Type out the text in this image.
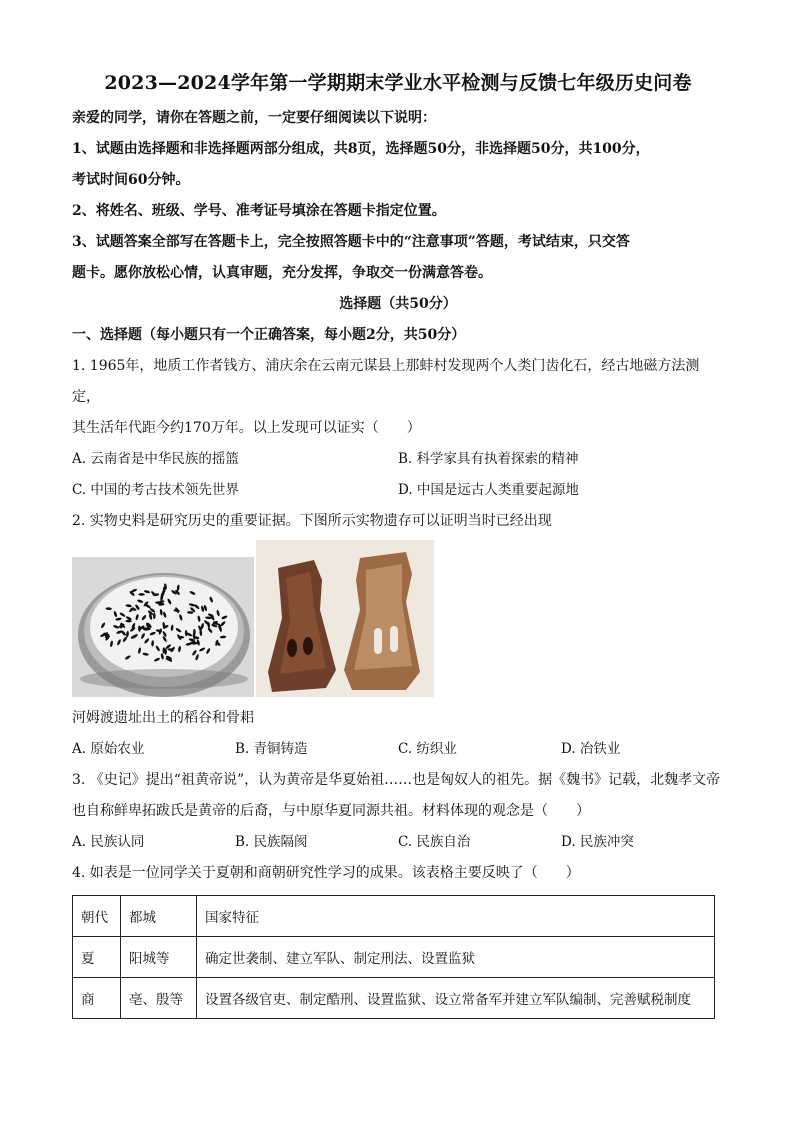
2023—2024学年第一学期期末学业水平检测与反馈七年级历史问卷

亲爱的同学，请你在答题之前，一定要仔细阅读以下说明：

1、试题由选择题和非选择题两部分组成，共8页，选择题50分，非选择题50分，共100分，

考试时间60分钟。

2、将姓名、班级、学号、准考证号填涂在答题卡指定位置。

3、试题答案全部写在答题卡上，完全按照答题卡中的“注意事项”答题，考试结束，只交答

题卡。愿你放松心情，认真审题，充分发挥，争取交一份满意答卷。

选择题（共50分）

一、选择题（每小题只有一个正确答案，每小题2分，共50分）

1. 1965年，地质工作者钱方、浦庆余在云南元谋县上那蚌村发现两个人类门齿化石，经古地磁方法测定，

其生活年代距今约170万年。以上发现可以证实（　　）

A. 云南省是中华民族的摇篮	B. 科学家具有执着探索的精神
C. 中国的考古技术领先世界	D. 中国是远古人类重要起源地

2. 实物史料是研究历史的重要证据。下图所示实物遗存可以证明当时已经出现

河姆渡遗址出土的稻谷和骨耜

A. 原始农业	B. 青铜铸造	C. 纺织业	D. 冶铁业

3. 《史记》提出“祖黄帝说”，认为黄帝是华夏始祖……也是匈奴人的祖先。据《魏书》记载，北魏孝文帝

也自称鲜卑拓跋氏是黄帝的后裔，与中原华夏同源共祖。材料体现的观念是（　　）

A. 民族认同	B. 民族隔阂	C. 民族自治	D. 民族冲突

4. 如表是一位同学关于夏朝和商朝研究性学习的成果。该表格主要反映了（　　）

朝代	都城	国家特征
夏	阳城等	确定世袭制、建立军队、制定刑法、设置监狱
商	亳、殷等	设置各级官吏、制定酷刑、设置监狱、设立常备军并建立军队编制、完善赋税制度
